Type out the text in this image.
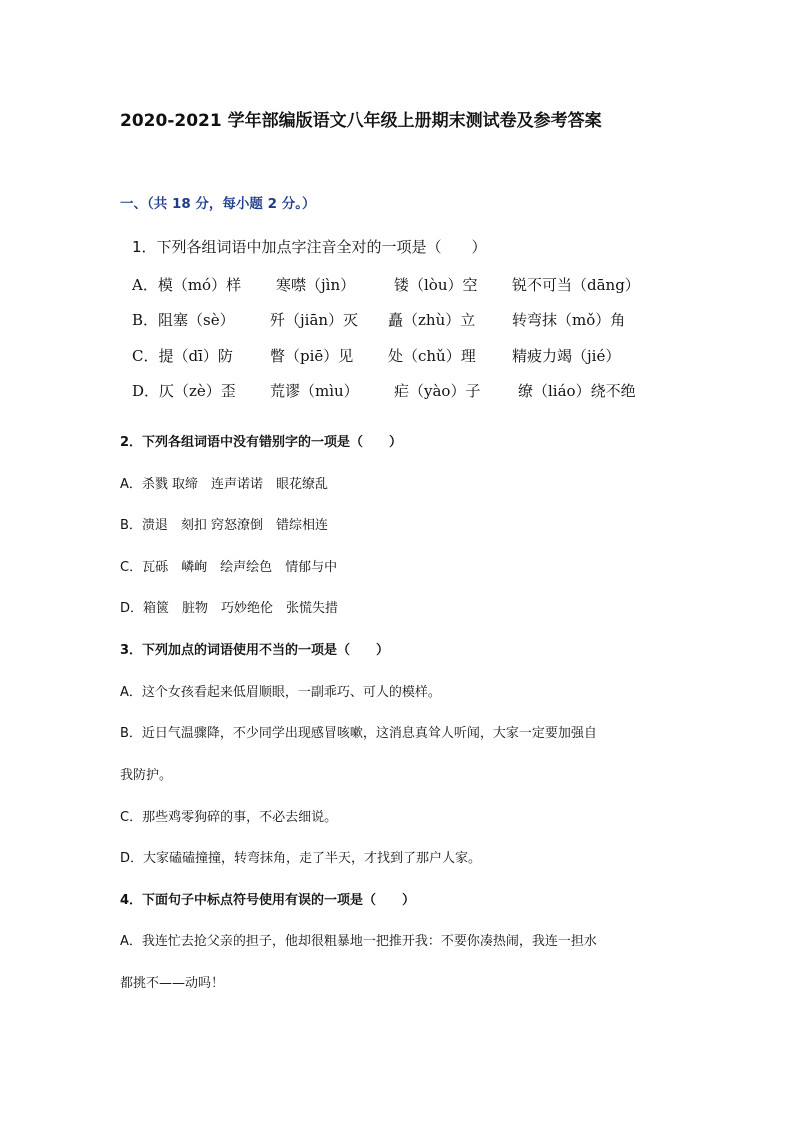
2020-2021 学年部编版语文八年级上册期末测试卷及参考答案
一、（共 18 分，每小题 2 分。）
1．下列各组词语中加点字注音全对的一项是（　　）
A．模（mó）样 寒噤（jìn）	镂（lòu）空 锐不可当（dāng）
B．阻塞（sè） 歼（jiān）灭 矗（zhù）立 转弯抹（mǒ）角
C．提（dī）防 瞥（piē）见 处（chǔ）理 精疲力竭（jié）
D．仄（zè）歪 荒谬（mìu） 疟（yào）子	缭（liáo）绕不绝
2．下列各组词语中没有错别字的一项是（　　）
A．杀戮 取缔　连声诺诺　眼花缭乱
B．溃退　刻扣 窍怒潦倒　错综相连
C．瓦砾　嶙峋　绘声绘色　情郁与中
D．箱篋　脏物　巧妙绝伦　张慌失措
3．下列加点的词语使用不当的一项是（　　）
A．这个女孩看起来低眉顺眼，一副乖巧、可人的模样。
B．近日气温骤降，不少同学出现感冒咳嗽，这消息真耸人听闻，大家一定要加强自
我防护。
C．那些鸡零狗碎的事，不必去细说。
D．大家磕磕撞撞，转弯抹角，走了半天，才找到了那户人家。
4．下面句子中标点符号使用有误的一项是（　　）
A．我连忙去抢父亲的担子，他却很粗暴地一把推开我：不要你凑热闹，我连一担水
都挑不——动吗！
